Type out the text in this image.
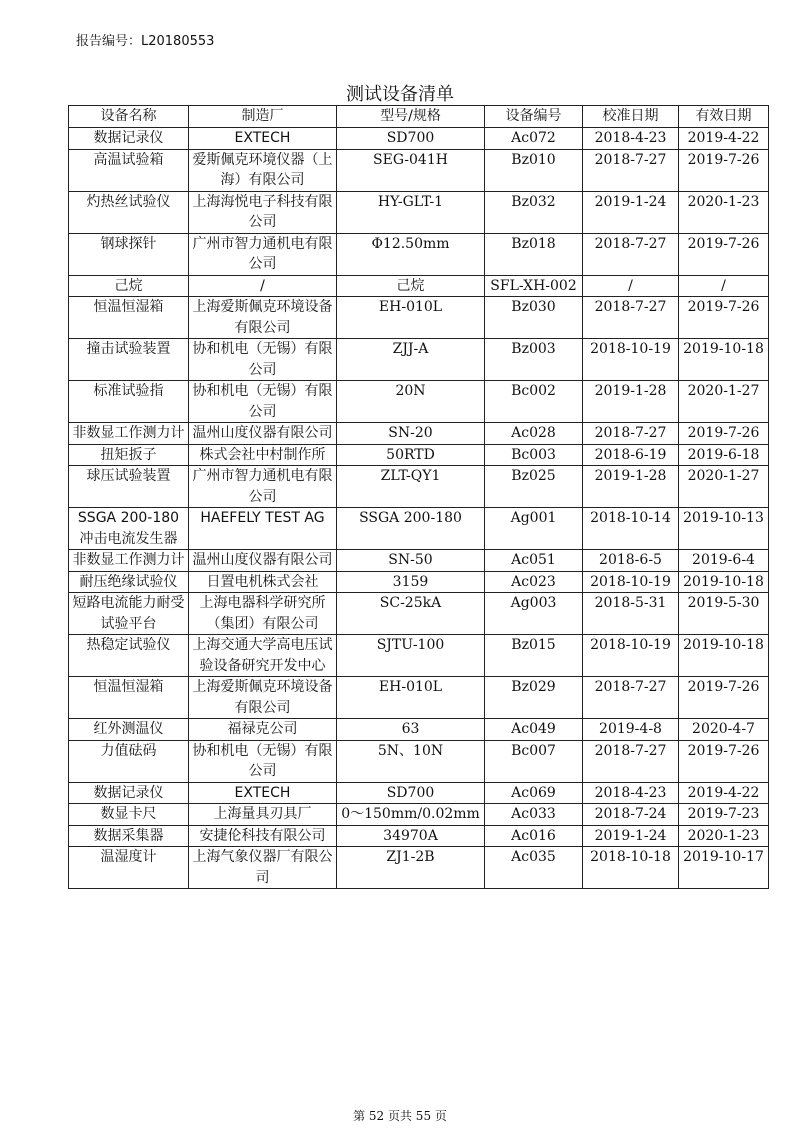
报告编号：L20180553
测试设备清单
设备名称	制造厂	型号/规格	设备编号	校准日期	有效日期
数据记录仪	EXTECH	SD700	Ac072	2018-4-23	2019-4-22
高温试验箱	爱斯佩克环境仪器（上海）有限公司	SEG-041H	Bz010	2018-7-27	2019-7-26
灼热丝试验仪	上海海悦电子科技有限公司	HY-GLT-1	Bz032	2019-1-24	2020-1-23
钢球探针	广州市智力通机电有限公司	Φ12.50mm	Bz018	2018-7-27	2019-7-26
己烷	/	己烷	SFL-XH-002	/	/
恒温恒湿箱	上海爱斯佩克环境设备有限公司	EH-010L	Bz030	2018-7-27	2019-7-26
撞击试验装置	协和机电（无锡）有限公司	ZJJ-A	Bz003	2018-10-19	2019-10-18
标准试验指	协和机电（无锡）有限公司	20N	Bc002	2019-1-28	2020-1-27
非数显工作测力计	温州山度仪器有限公司	SN-20	Ac028	2018-7-27	2019-7-26
扭矩扳子	株式会社中村制作所	50RTD	Bc003	2018-6-19	2019-6-18
球压试验装置	广州市智力通机电有限公司	ZLT-QY1	Bz025	2019-1-28	2020-1-27
SSGA 200-180冲击电流发生器	HAEFELY TEST AG	SSGA 200-180	Ag001	2018-10-14	2019-10-13
非数显工作测力计	温州山度仪器有限公司	SN-50	Ac051	2018-6-5	2019-6-4
耐压绝缘试验仪	日置电机株式会社	3159	Ac023	2018-10-19	2019-10-18
短路电流能力耐受试验平台	上海电器科学研究所（集团）有限公司	SC-25kA	Ag003	2018-5-31	2019-5-30
热稳定试验仪	上海交通大学高电压试验设备研究开发中心	SJTU-100	Bz015	2018-10-19	2019-10-18
恒温恒湿箱	上海爱斯佩克环境设备有限公司	EH-010L	Bz029	2018-7-27	2019-7-26
红外测温仪	福禄克公司	63	Ac049	2019-4-8	2020-4-7
力值砝码	协和机电（无锡）有限公司	5N、10N	Bc007	2018-7-27	2019-7-26
数据记录仪	EXTECH	SD700	Ac069	2018-4-23	2019-4-22
数显卡尺	上海量具刃具厂	0～150mm/0.02mm	Ac033	2018-7-24	2019-7-23
数据采集器	安捷伦科技有限公司	34970A	Ac016	2019-1-24	2020-1-23
温湿度计	上海气象仪器厂有限公司	ZJ1-2B	Ac035	2018-10-18	2019-10-17
第 52 页共 55 页
